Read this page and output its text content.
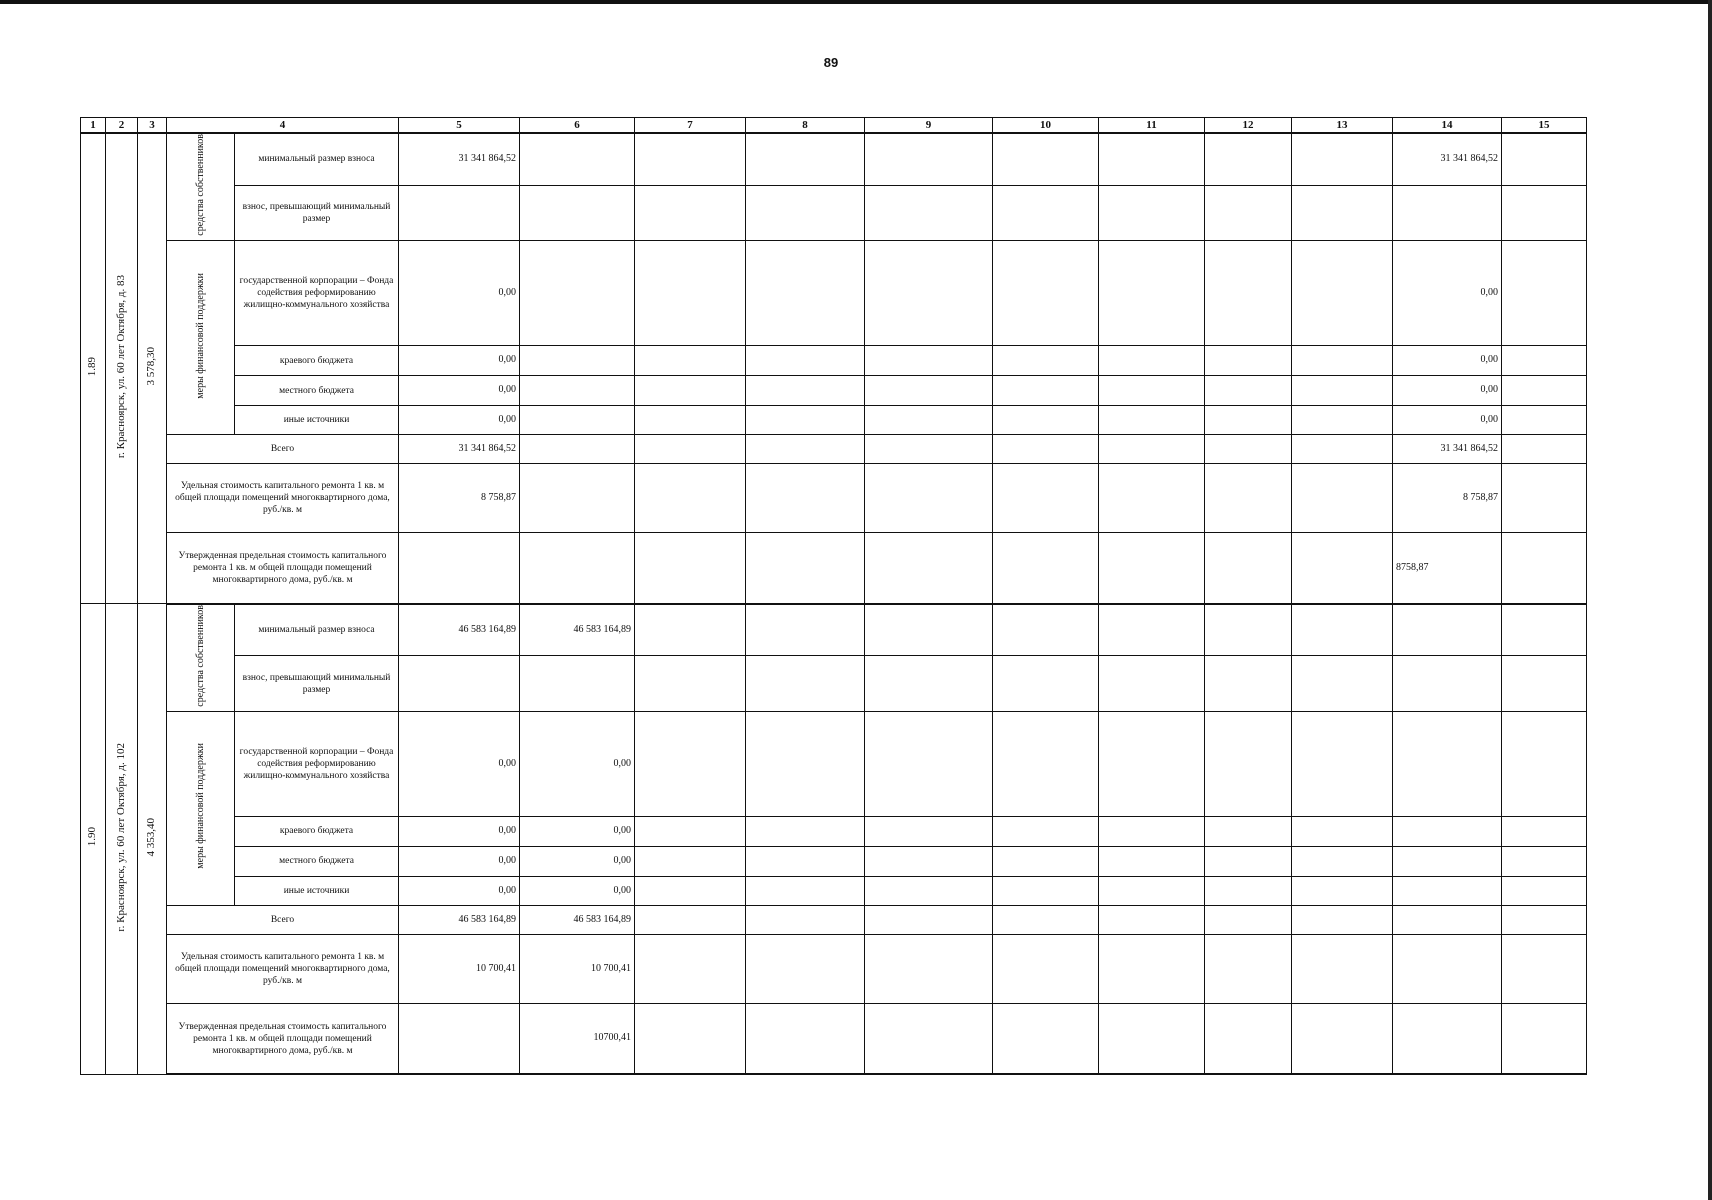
89
1	2	3	4		5	6	7	8	9	10	11	12	13	14	15
1.89	г. Красноярск, ул. 60 лет Октября, д. 83	3 578,30	средства собственников	минимальный размер взноса	31 341 864,52									31 341 864,52	
				взнос, превышающий минимальный размер											
			меры финансовой поддержки	государственной корпорации – Фонда содействия реформированию жилищно-коммунального хозяйства	0,00									0,00	
				краевого бюджета	0,00									0,00	
				местного бюджета	0,00									0,00	
				иные источники	0,00									0,00	
			Всего		31 341 864,52									31 341 864,52	
			Удельная стоимость капитального ремонта 1 кв. м общей площади помещений многоквартирного дома, руб./кв. м		8 758,87									8 758,87	
			Утвержденная предельная стоимость капитального ремонта 1 кв. м общей площади помещений многоквартирного дома, руб./кв. м											8758,87	
1.90	г. Красноярск, ул. 60 лет Октября, д. 102	4 353,40	средства собственников	минимальный размер взноса	46 583 164,89	46 583 164,89									
				взнос, превышающий минимальный размер											
			меры финансовой поддержки	государственной корпорации – Фонда содействия реформированию жилищно-коммунального хозяйства	0,00	0,00									
				краевого бюджета	0,00	0,00									
				местного бюджета	0,00	0,00									
				иные источники	0,00	0,00									
			Всего		46 583 164,89	46 583 164,89									
			Удельная стоимость капитального ремонта 1 кв. м общей площади помещений многоквартирного дома, руб./кв. м		10 700,41	10 700,41									
			Утвержденная предельная стоимость капитального ремонта 1 кв. м общей площади помещений многоквартирного дома, руб./кв. м			10700,41									
